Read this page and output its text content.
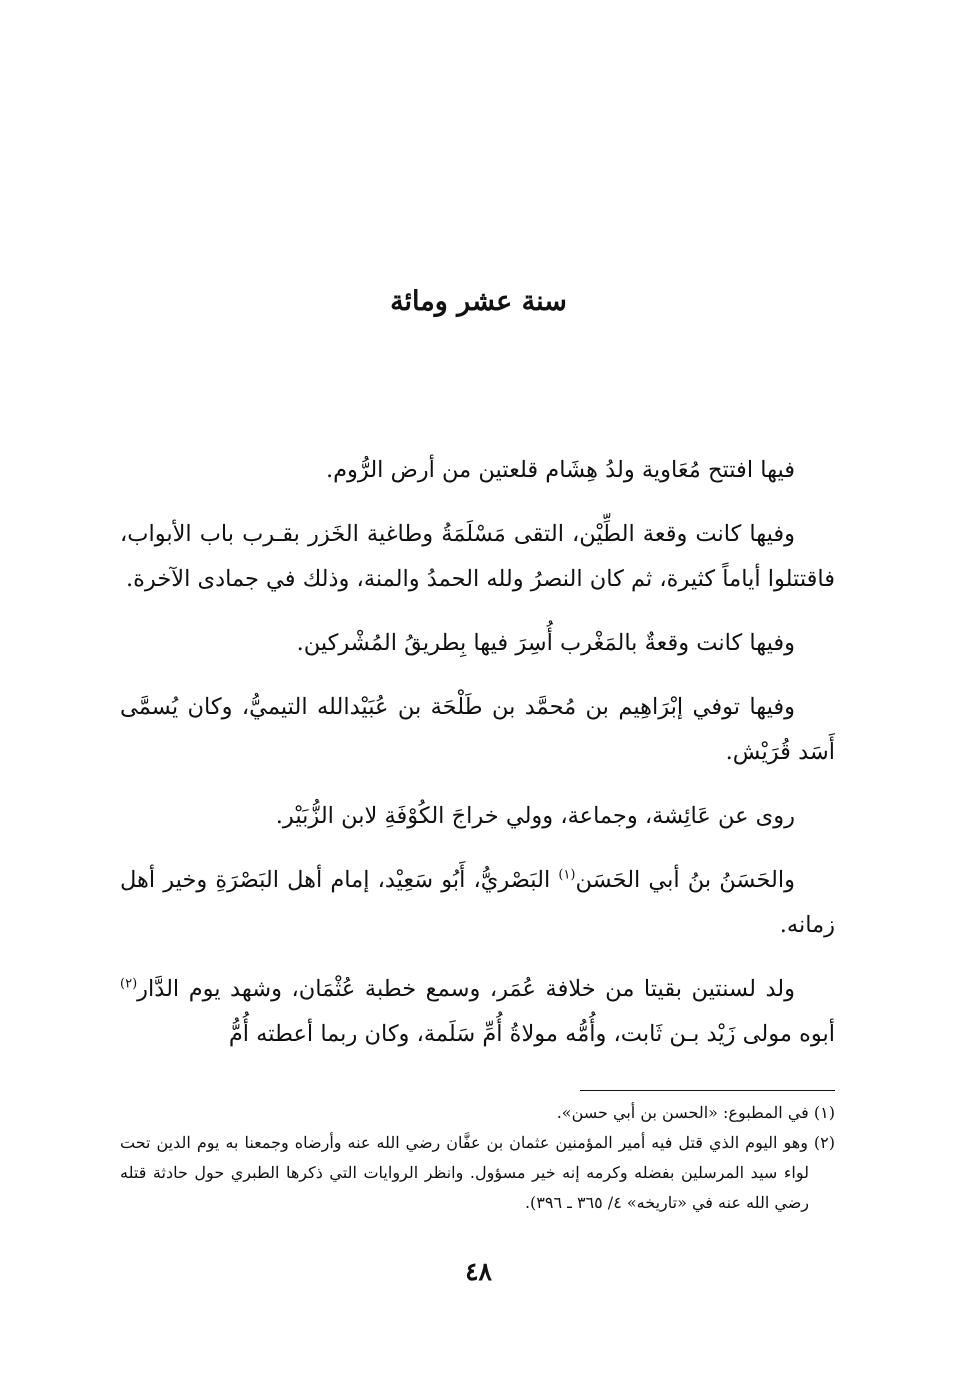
سنة عشر ومائة

فيها افتتح مُعَاوية ولدُ هِشَام قلعتين من أرض الرُّوم.

وفيها كانت وقعة الطِّيْن، التقى مَسْلَمَةُ وطاغية الخَزر بقـرب باب الأبواب، فاقتتلوا أياماً كثيرة، ثم كان النصرُ ولله الحمدُ والمنة، وذلك في جمادى الآخرة.

وفيها كانت وقعةٌ بالمَغْرب أُسِرَ فيها بِطريقُ المُشْركين.

وفيها توفي إبْرَاهِيم بن مُحمَّد بن طَلْحَة بن عُبَيْدالله التيميُّ، وكان يُسمَّى أَسَد قُرَيْش.

روى عن عَائِشة، وجماعة، وولي خراجَ الكُوْفَةِ لابن الزُّبَيْر.

والحَسَنُ بنُ أبي الحَسَن$^{(١)}$ البَصْريُّ، أَبُو سَعِيْد، إمام أهل البَصْرَةِ وخير أهل زمانه.

ولد لسنتين بقيتا من خلافة عُمَر، وسمع خطبة عُثْمَان، وشهد يوم الدَّار$^{(٢)}$ أبوه مولى زَيْد بـن ثَابت، وأُمُّه مولاةُ أُمِّ سَلَمة، وكان ربما أعطته أُمُّ

(١) في المطبوع: «الحسن بن أبي حسن».

(٢) وهو اليوم الذي قتل فيه أمير المؤمنين عثمان بن عفَّان رضي الله عنه وأرضاه وجمعنا به يوم الدين تحت لواء سيد المرسلين بفضله وكرمه إنه خير مسؤول. وانظر الروايات التي ذكرها الطبري حول حادثة قتله رضي الله عنه في «تاريخه» ٤/ ٣٦٥ ـ ٣٩٦).

٤٨
